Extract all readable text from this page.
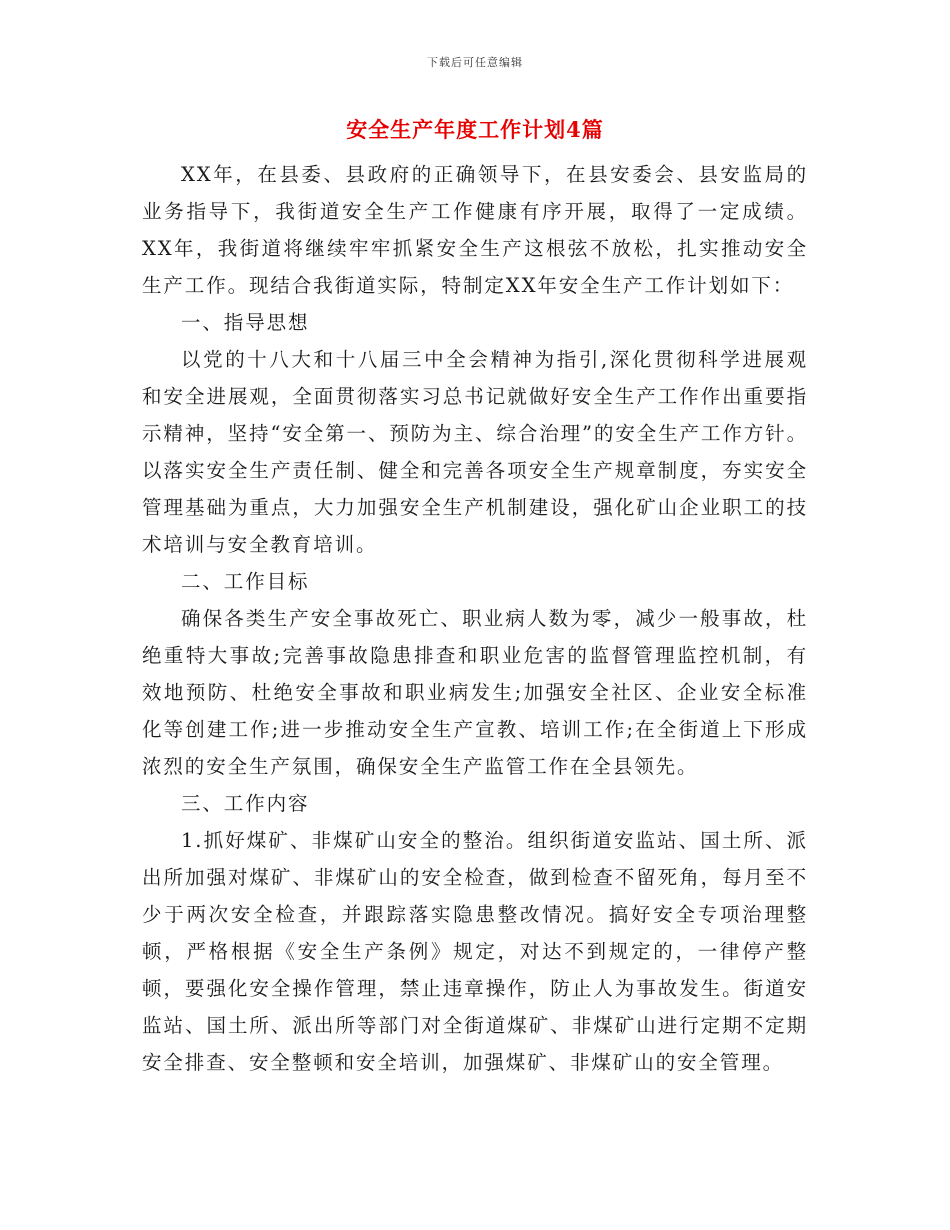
下载后可任意编辑
安全生产年度工作计划4篇

XX年，在县委、县政府的正确领导下，在县安委会、县安监局的业务指导下，我街道安全生产工作健康有序开展，取得了一定成绩。XX年，我街道将继续牢牢抓紧安全生产这根弦不放松，扎实推动安全生产工作。现结合我街道实际，特制定XX年安全生产工作计划如下：

一、指导思想

以党的十八大和十八届三中全会精神为指引,深化贯彻科学进展观和安全进展观，全面贯彻落实习总书记就做好安全生产工作作出重要指示精神，坚持“安全第一、预防为主、综合治理”的安全生产工作方针。以落实安全生产责任制、健全和完善各项安全生产规章制度，夯实安全管理基础为重点，大力加强安全生产机制建设，强化矿山企业职工的技术培训与安全教育培训。

二、工作目标

确保各类生产安全事故死亡、职业病人数为零，减少一般事故，杜绝重特大事故;完善事故隐患排查和职业危害的监督管理监控机制，有效地预防、杜绝安全事故和职业病发生;加强安全社区、企业安全标准化等创建工作;进一步推动安全生产宣教、培训工作;在全街道上下形成浓烈的安全生产氛围，确保安全生产监管工作在全县领先。

三、工作内容

1.抓好煤矿、非煤矿山安全的整治。组织街道安监站、国土所、派出所加强对煤矿、非煤矿山的安全检查，做到检查不留死角，每月至不少于两次安全检查，并跟踪落实隐患整改情况。搞好安全专项治理整顿，严格根据《安全生产条例》规定，对达不到规定的，一律停产整顿，要强化安全操作管理，禁止违章操作，防止人为事故发生。街道安监站、国土所、派出所等部门对全街道煤矿、非煤矿山进行定期不定期安全排查、安全整顿和安全培训，加强煤矿、非煤矿山的安全管理。
